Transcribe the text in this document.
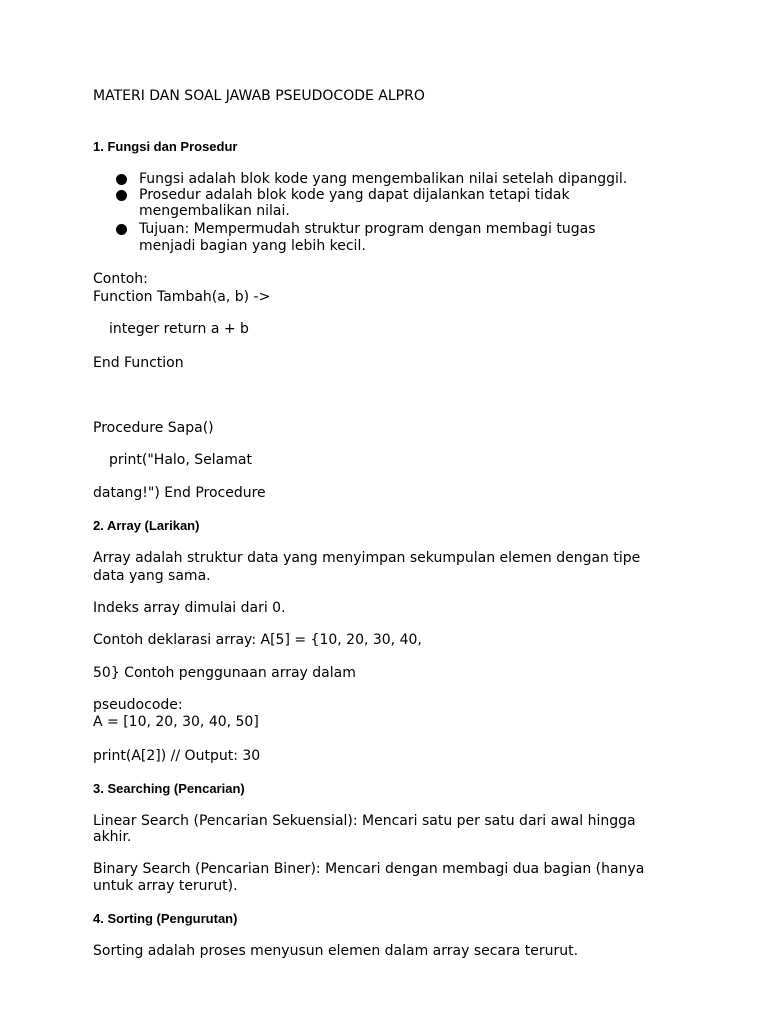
MATERI DAN SOAL JAWAB PSEUDOCODE ALPRO
1. Fungsi dan Prosedur
Fungsi adalah blok kode yang mengembalikan nilai setelah dipanggil.
Prosedur adalah blok kode yang dapat dijalankan tetapi tidak
mengembalikan nilai.
Tujuan: Mempermudah struktur program dengan membagi tugas
menjadi bagian yang lebih kecil.
Contoh:
Function Tambah(a, b) ->
integer return a + b
End Function
Procedure Sapa()
print("Halo, Selamat
datang!") End Procedure
2. Array (Larikan)
Array adalah struktur data yang menyimpan sekumpulan elemen dengan tipe
data yang sama.
Indeks array dimulai dari 0.
Contoh deklarasi array: A[5] = {10, 20, 30, 40,
50} Contoh penggunaan array dalam
pseudocode:
A = [10, 20, 30, 40, 50]
print(A[2]) // Output: 30
3. Searching (Pencarian)
Linear Search (Pencarian Sekuensial): Mencari satu per satu dari awal hingga
akhir.
Binary Search (Pencarian Biner): Mencari dengan membagi dua bagian (hanya
untuk array terurut).
4. Sorting (Pengurutan)
Sorting adalah proses menyusun elemen dalam array secara terurut.
